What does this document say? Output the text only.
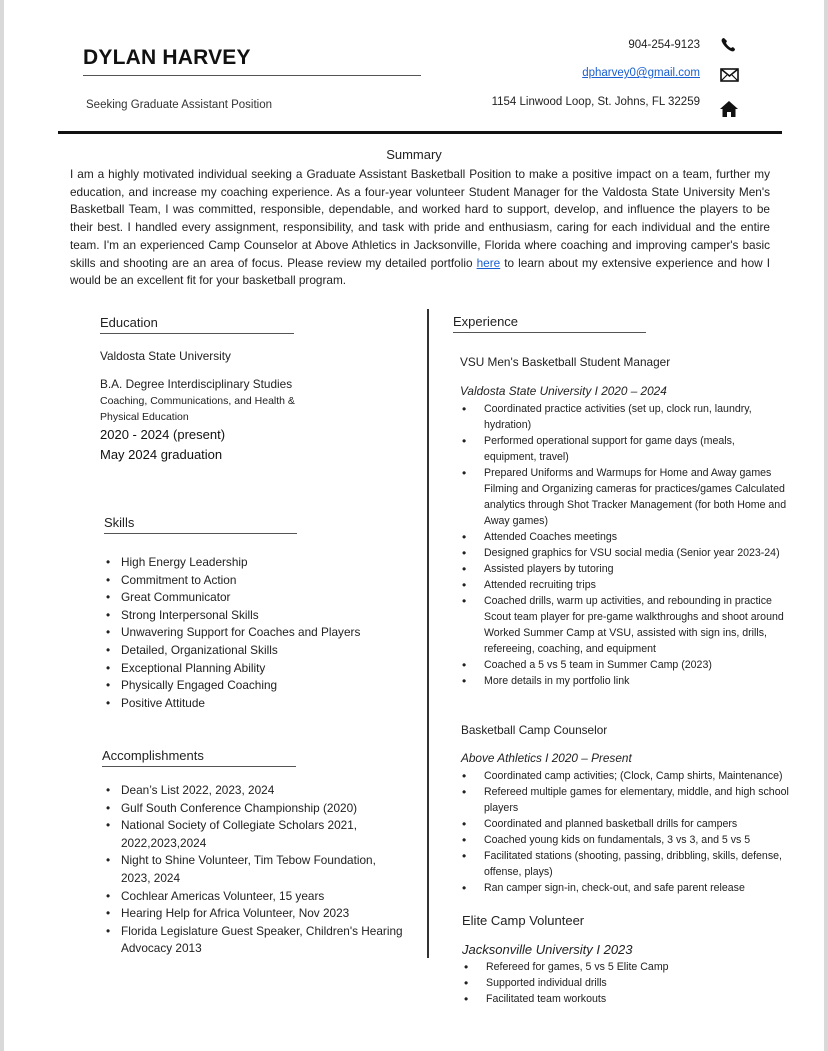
DYLAN HARVEY
Seeking Graduate Assistant Position
904-254-9123
dpharvey0@gmail.com
1154 Linwood Loop, St. Johns, FL 32259
Summary
I am a highly motivated individual seeking a Graduate Assistant Basketball Position to make a positive impact on a team, further my education, and increase my coaching experience. As a four-year volunteer Student Manager for the Valdosta State University Men's Basketball Team, I was committed, responsible, dependable, and worked hard to support, develop, and influence the players to be their best. I handled every assignment, responsibility, and task with pride and enthusiasm, caring for each individual and the entire team. I'm an experienced Camp Counselor at Above Athletics in Jacksonville, Florida where coaching and improving camper's basic skills and shooting are an area of focus. Please review my detailed portfolio here to learn about my extensive experience and how I would be an excellent fit for your basketball program.
Education
Valdosta State University
B.A. Degree Interdisciplinary Studies
Coaching, Communications, and Health &
Physical Education
2020 - 2024 (present)
May 2024 graduation
Skills
• High Energy Leadership
• Commitment to Action
• Great Communicator
• Strong Interpersonal Skills
• Unwavering Support for Coaches and Players
• Detailed, Organizational Skills
• Exceptional Planning Ability
• Physically Engaged Coaching
• Positive Attitude
Accomplishments
• Dean’s List 2022, 2023, 2024
• Gulf South Conference Championship (2020)
• National Society of Collegiate Scholars 2021, 2022,2023,2024
• Night to Shine Volunteer, Tim Tebow Foundation, 2023, 2024
• Cochlear Americas Volunteer, 15 years
• Hearing Help for Africa Volunteer, Nov 2023
• Florida Legislature Guest Speaker, Children's Hearing Advocacy 2013
Experience
VSU Men's Basketball Student Manager
Valdosta State University I 2020 – 2024
• Coordinated practice activities (set up, clock run, laundry, hydration)
• Performed operational support for game days (meals, equipment, travel)
• Prepared Uniforms and Warmups for Home and Away games Filming and Organizing cameras for practices/games Calculated analytics through Shot Tracker Management (for both Home and Away games)
• Attended Coaches meetings
• Designed graphics for VSU social media (Senior year 2023-24)
• Assisted players by tutoring
• Attended recruiting trips
• Coached drills, warm up activities, and rebounding in practice Scout team player for pre-game walkthroughs and shoot around Worked Summer Camp at VSU, assisted with sign ins, drills, refereeing, coaching, and equipment
• Coached a 5 vs 5 team in Summer Camp (2023)
• More details in my portfolio link
Basketball Camp Counselor
Above Athletics I 2020 – Present
• Coordinated camp activities; (Clock, Camp shirts, Maintenance)
• Refereed multiple games for elementary, middle, and high school players
• Coordinated and planned basketball drills for campers
• Coached young kids on fundamentals, 3 vs 3, and 5 vs 5
• Facilitated stations (shooting, passing, dribbling, skills, defense, offense, plays)
• Ran camper sign-in, check-out, and safe parent release
Elite Camp Volunteer
Jacksonville University I 2023
• Refereed for games, 5 vs 5 Elite Camp
• Supported individual drills
• Facilitated team workouts
